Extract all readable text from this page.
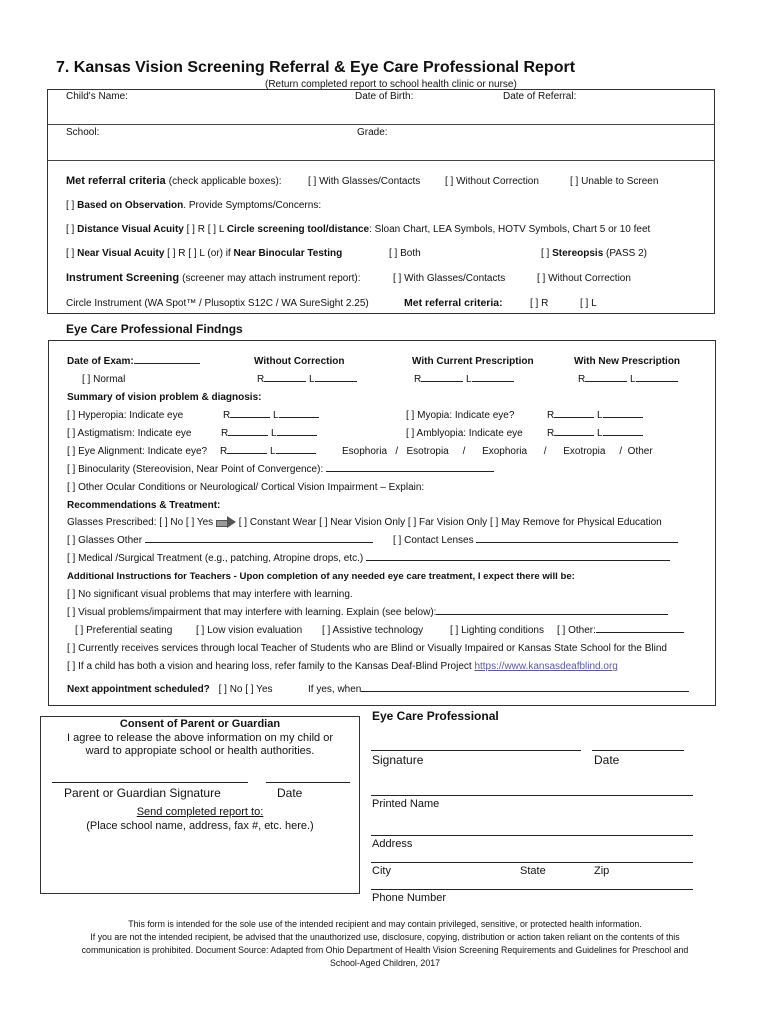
7. Kansas Vision Screening Referral & Eye Care Professional Report
(Return completed report to school health clinic or nurse)
Child's Name:	Date of Birth:	Date of Referral:
School:	Grade:
Met referral criteria (check applicable boxes):	[ ] With Glasses/Contacts [ ] Without Correction	[ ] Unable to Screen
[ ] Based on Observation. Provide Symptoms/Concerns:
[ ] Distance Visual Acuity [ ] R [ ] L Circle screening tool/distance: Sloan Chart, LEA Symbols, HOTV Symbols, Chart 5 or 10 feet
[ ] Near Visual Acuity [ ] R [ ] L (or) if Near Binocular Testing	[ ] Both	[ ] Stereopsis (PASS 2)
Instrument Screening (screener may attach instrument report):	[ ] With Glasses/Contacts	[ ] Without Correction
Circle Instrument (WA Spot™ / Plusoptix S12C / WA SureSight 2.25)	Met referral criteria:	[ ] R	[ ] L
Eye Care Professional Findngs
Date of Exam:	Without Correction	With Current Prescription	With New Prescription
[ ] Normal	R	L	R	L	R	L
Summary of vision problem & diagnosis:
[ ] Hyperopia: Indicate eye	R	L	[ ] Myopia: Indicate eye?	R	L
[ ] Astigmatism: Indicate eye	R	L	[ ] Amblyopia: Indicate eye R	L
[ ] Eye Alignment: Indicate eye? R	L	Esophoria   /   Esotropia     /      Exophoria      /      Exotropia     /  Other
[ ] Binocularity (Stereovision, Near Point of Convergence):
[ ] Other Ocular Conditions or Neurological/ Cortical Vision Impairment – Explain:
Recommendations & Treatment:
Glasses Prescribed: [ ] No [ ] Yes	[ ] Constant Wear [ ] Near Vision Only [ ] Far Vision Only [ ] May Remove for Physical Education
[ ] Glasses Other	[ ] Contact Lenses
[ ] Medical /Surgical Treatment (e.g., patching, Atropine drops, etc.)
Additional Instructions for Teachers - Upon completion of any needed eye care treatment, I expect there will be:
[ ] No significant visual problems that may interfere with learning.
[ ] Visual problems/impairment that may interfere with learning. Explain (see below):
[ ] Preferential seating [ ] Low vision evaluation [ ] Assistive technology	[ ] Lighting conditions [ ] Other:
[ ] Currently receives services through local Teacher of Students who are Blind or Visually Impaired or Kansas State School for the Blind
[ ] If a child has both a vision and hearing loss, refer family to the Kansas Deaf-Blind Project https://www.kansasdeafblind.org
Next appointment scheduled? [ ] No [ ] Yes	If yes, when
Consent of Parent or Guardian
I agree to release the above information on my child or
ward to appropiate school or health authorities.
Parent or Guardian Signature	Date
Send completed report to:
(Place school name, address, fax #, etc. here.)
Eye Care Professional
Signature	Date
Printed Name
Address
City	State	Zip
Phone Number
This form is intended for the sole use of the intended recipient and may contain privileged, sensitive, or protected health information.
If you are not the intended recipient, be advised that the unauthorized use, disclosure, copying, distribution or action taken reliant on the contents of this
communication is prohibited. Document Source: Adapted from Ohio Department of Health Vision Screening Requirements and Guidelines for Preschool and
School-Aged Children, 2017
